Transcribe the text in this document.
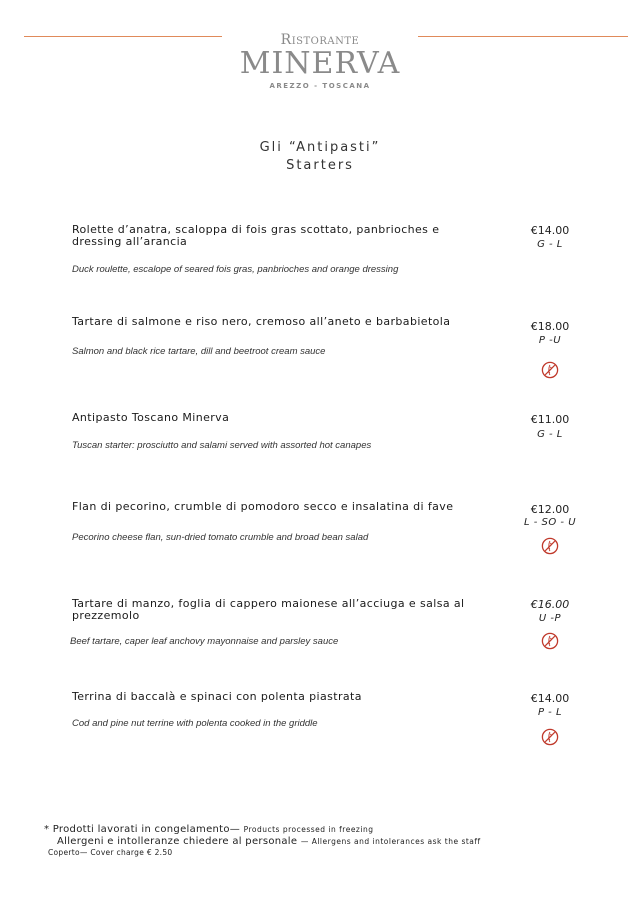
Ristorante
MINERVA
AREZZO - TOSCANA
Gli “Antipasti”
Starters
Rolette d’anatra, scaloppa di fois gras scottato, panbrioches e dressing all’arancia
Duck roulette, escalope of seared fois gras, panbrioches and orange dressing
€14.00
G - L
Tartare di salmone e riso nero, cremoso all’aneto e barbabietola
Salmon and black rice tartare, dill and beetroot cream sauce
€18.00
P -U
Antipasto Toscano Minerva
Tuscan starter: prosciutto and salami served with assorted hot canapes
€11.00
G - L
Flan di pecorino, crumble di pomodoro secco e insalatina di fave
Pecorino cheese flan, sun-dried tomato crumble and broad bean salad
€12.00
L - SO - U
Tartare di manzo, foglia di cappero maionese all’acciuga e salsa al prezzemolo
Beef tartare, caper leaf anchovy mayonnaise and parsley sauce
€16.00
U -P
Terrina di baccalà e spinaci con polenta piastrata
Cod and pine nut terrine with polenta cooked in the griddle
€14.00
P - L
* Prodotti lavorati in congelamento— Products processed in freezing
Allergeni e intolleranze chiedere al personale — Allergens and intolerances ask the staff
Coperto— Cover charge € 2.50
